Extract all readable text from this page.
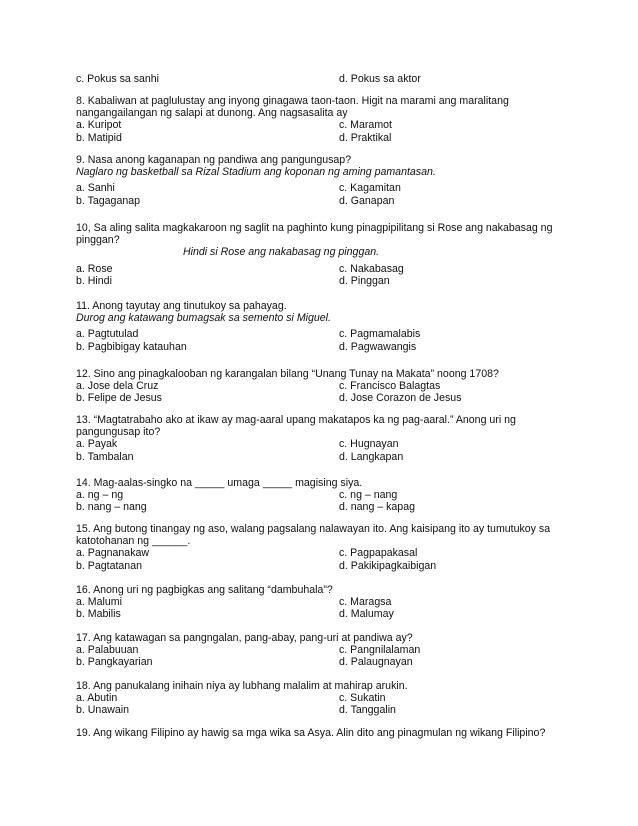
c. Pokus sa sanhi	d. Pokus sa aktor
8. Kabaliwan at paglulustay ang inyong ginagawa taon-taon. Higit na marami ang maralitang nangangailangan ng salapi at dunong. Ang nagsasalita ay
a. Kuripot	c. Maramot
b. Matipid	d. Praktikal
9. Nasa anong kaganapan ng pandiwa ang pangungusap?
Naglaro ng basketball sa Rizal Stadium ang koponan ng aming pamantasan.
a. Sanhi	c. Kagamitan
b. Tagaganap	d. Ganapan
10, Sa aling salita magkakaroon ng saglit na paghinto kung pinagpipilitang si Rose ang nakabasag ng pinggan?
Hindi si Rose ang nakabasag ng pinggan.
a. Rose	c. Nakabasag
b. Hindi	d. Pinggan
11. Anong tayutay ang tinutukoy sa pahayag.
Durog ang katawang bumagsak sa semento si Miguel.
a. Pagtutulad	c. Pagmamalabis
b. Pagbibigay katauhan	d. Pagwawangis
12. Sino ang pinagkalooban ng karangalan bilang “Unang Tunay na Makata” noong 1708?
a. Jose dela Cruz	c. Francisco Balagtas
b. Felipe de Jesus	d. Jose Corazon de Jesus
13. “Magtatrabaho ako at ikaw ay mag-aaral upang makatapos ka ng pag-aaral.” Anong uri ng pangungusap ito?
a. Payak	c. Hugnayan
b. Tambalan	d. Langkapan
14. Mag-aalas-singko na _____ umaga _____ magising siya.
a. ng – ng	c. ng – nang
b. nang – nang	d. nang – kapag
15. Ang butong tinangay ng aso, walang pagsalang nalawayan ito. Ang kaisipang ito ay tumutukoy sa katotohanan ng ______.
a. Pagnanakaw	c. Pagpapakasal
b. Pagtatanan	d. Pakikipagkaibigan
16. Anong uri ng pagbigkas ang salitang “dambuhala”?
a. Malumi	c. Maragsa
b. Mabilis	d. Malumay
17. Ang katawagan sa pangngalan, pang-abay, pang-uri at pandiwa ay?
a. Palabuuan	c. Pangnilalaman
b. Pangkayarian	d. Palaugnayan
18. Ang panukalang inihain niya ay lubhang malalim at mahirap arukin.
a. Abutin	c. Sukatin
b. Unawain	d. Tanggalin
19. Ang wikang Filipino ay hawig sa mga wika sa Asya. Alin dito ang pinagmulan ng wikang Filipino?
